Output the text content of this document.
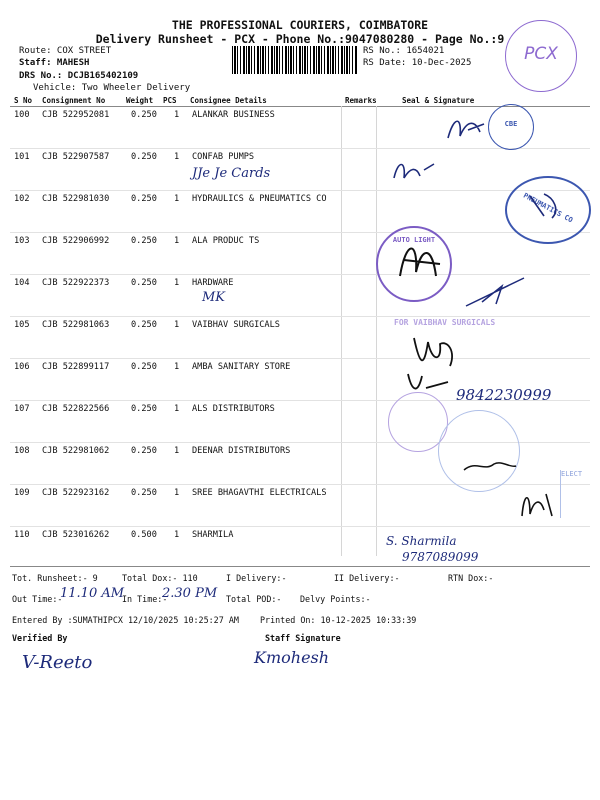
THE PROFESSIONAL COURIERS, COIMBATORE
Delivery Runsheet - PCX - Phone No.:9047080280 - Page No.:9
Route: COX STREET
Staff: MAHESH
DRS No.: DCJB165402109
Vehicle: Two Wheeler Delivery
RS No.: 1654021
RS Date: 10-Dec-2025	PCX
S No Consignment No	Weight PCS Consignee Details	Remarks	Seal & Signature
100 CJB 522952081	0.250 1 ALANKAR BUSINESS
101 CJB 522907587	0.250 1 CONFAB PUMPS
102 CJB 522981030	0.250 1 HYDRAULICS & PNEUMATICS CO
103 CJB 522906992	0.250 1 ALA PRODUC TS
104 CJB 522922373	0.250 1 HARDWARE
105 CJB 522981063	0.250 1 VAIBHAV SURGICALS
106 CJB 522899117	0.250 1 AMBA SANITARY STORE
107 CJB 522822566	0.250 1 ALS DISTRIBUTORS
108 CJB 522981062	0.250 1 DEENAR DISTRIBUTORS
109 CJB 522923162	0.250 1 SREE BHAGAVTHI ELECTRICALS
110 CJB 523016262	0.500 1 SHARMILA
CBE
PNEUMATICS CO
AUTO LIGHT
FOR VAIBHAV SURGICALS
ELECT
JJe Je Cards
MK
9842230999
S. Sharmila
9787089099
Tot. Runsheet:- 9	Total Dox:- 110	I Delivery:-	II Delivery:-	RTN Dox:-
Out Time:-
11.10 AM
In Time:-
2.30 PM Total POD:- Delvy Points:-
Entered By :SUMATHIPCX 12/10/2025 10:25:27 AM	Printed On: 10-12-2025 10:33:39
Verified By	Staff Signature
V-Reeto	Kmohesh
